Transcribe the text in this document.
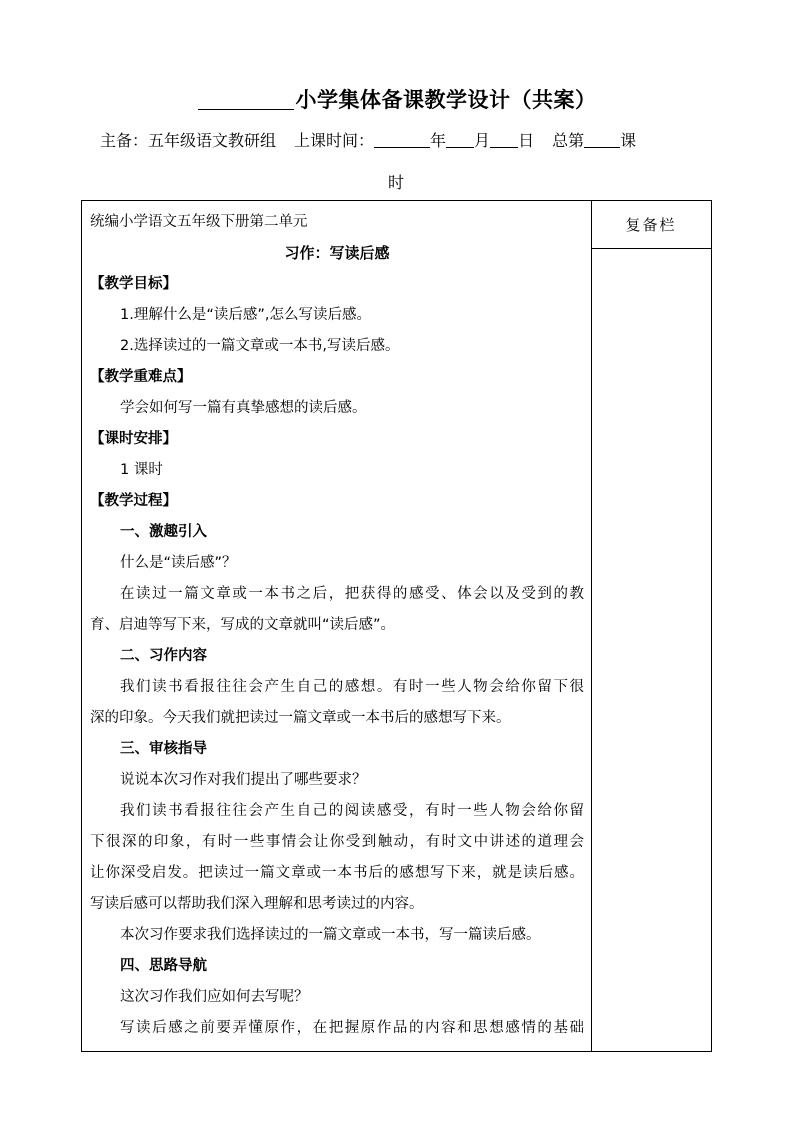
小学集体备课教学设计（共案）
主备：五年级语文教研组 上课时间：	年 月 日 总第 课
时
复备栏
统编小学语文五年级下册第二单元
习作：写读后感
【教学目标】
1.理解什么是“读后感”,怎么写读后感。
2.选择读过的一篇文章或一本书,写读后感。
【教学重难点】
学会如何写一篇有真挚感想的读后感。
【课时安排】
1 课时
【教学过程】
一、激趣引入
什么是“读后感”？
在读过一篇文章或一本书之后，把获得的感受、体会以及受到的教
育、启迪等写下来，写成的文章就叫“读后感”。
二、习作内容
我们读书看报往往会产生自己的感想。有时一些人物会给你留下很
深的印象。今天我们就把读过一篇文章或一本书后的感想写下来。
三、审核指导
说说本次习作对我们提出了哪些要求？
我们读书看报往往会产生自己的阅读感受，有时一些人物会给你留
下很深的印象，有时一些事情会让你受到触动，有时文中讲述的道理会
让你深受启发。把读过一篇文章或一本书后的感想写下来，就是读后感。
写读后感可以帮助我们深入理解和思考读过的内容。
本次习作要求我们选择读过的一篇文章或一本书，写一篇读后感。
四、思路导航
这次习作我们应如何去写呢？
写读后感之前要弄懂原作，在把握原作品的内容和思想感情的基础
